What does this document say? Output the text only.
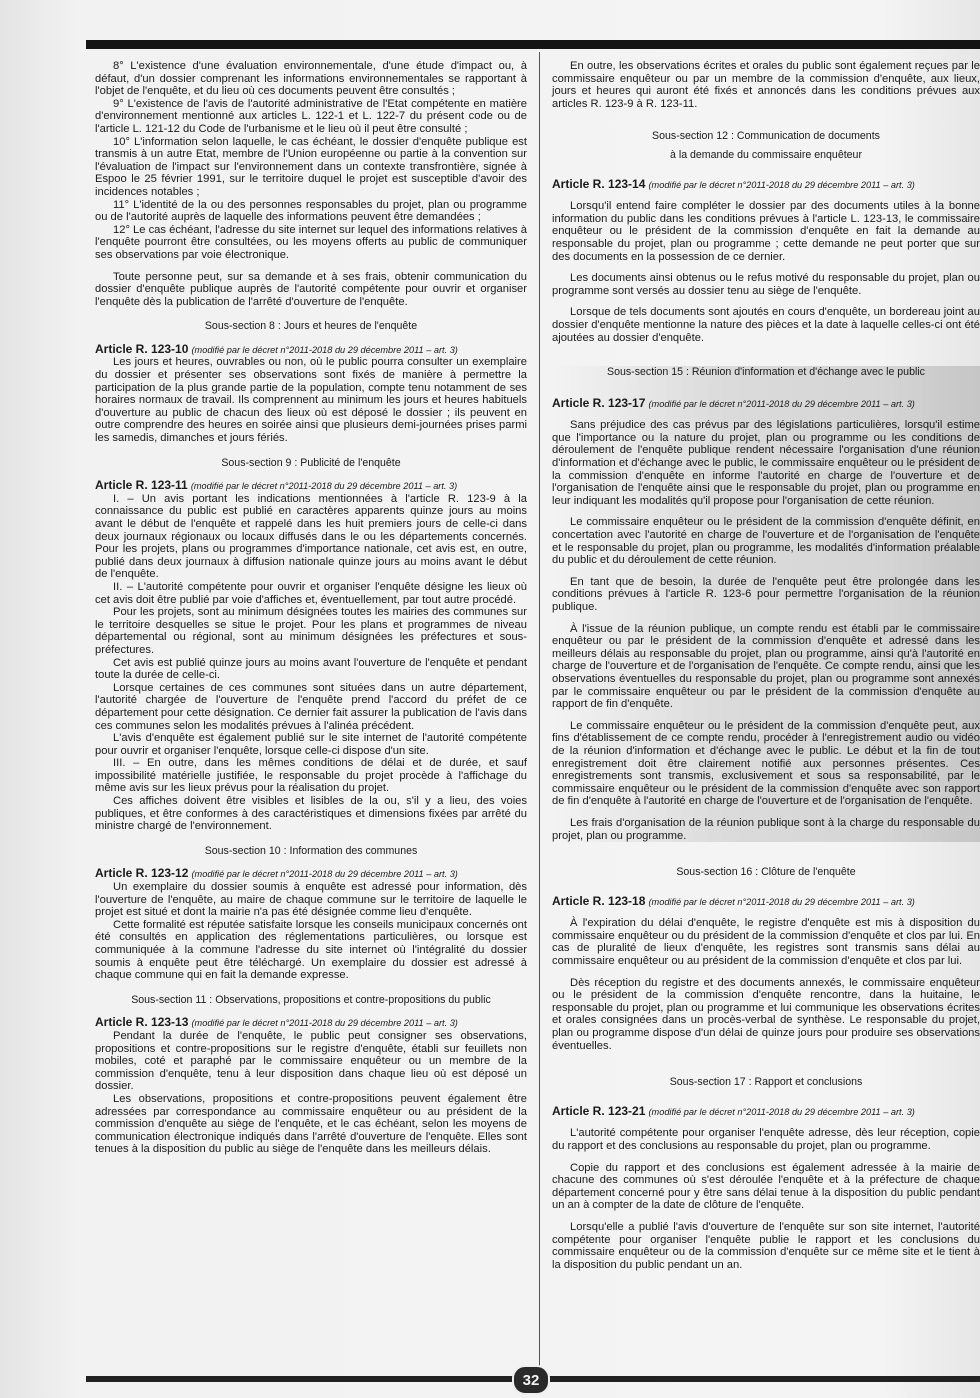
8° L'existence d'une évaluation environnementale, d'une étude d'impact ou, à défaut, d'un dossier comprenant les informations environnementales se rapportant à l'objet de l'enquête, et du lieu où ces documents peuvent être consultés ;

9° L'existence de l'avis de l'autorité administrative de l'Etat compétente en matière d'environnement mentionné aux articles L. 122-1 et L. 122-7 du présent code ou de l'article L. 121-12 du Code de l'urbanisme et le lieu où il peut être consulté ;

10° L'information selon laquelle, le cas échéant, le dossier d'enquête publique est transmis à un autre Etat, membre de l'Union européenne ou partie à la convention sur l'évaluation de l'impact sur l'environnement dans un contexte transfrontière, signée à Espoo le 25 février 1991, sur le territoire duquel le projet est susceptible d'avoir des incidences notables ;

11° L'identité de la ou des personnes responsables du projet, plan ou programme ou de l'autorité auprès de laquelle des informations peuvent être demandées ;

12° Le cas échéant, l'adresse du site internet sur lequel des informations relatives à l'enquête pourront être consultées, ou les moyens offerts au public de communiquer ses observations par voie électronique.

Toute personne peut, sur sa demande et à ses frais, obtenir communication du dossier d'enquête publique auprès de l'autorité compétente pour ouvrir et organiser l'enquête dès la publication de l'arrêté d'ouverture de l'enquête.

Sous-section 8 : Jours et heures de l'enquête

Article R. 123-10 (modifié par le décret n°2011-2018 du 29 décembre 2011 – art. 3)

Les jours et heures, ouvrables ou non, où le public pourra consulter un exemplaire du dossier et présenter ses observations sont fixés de manière à permettre la participation de la plus grande partie de la population, compte tenu notamment de ses horaires normaux de travail. Ils comprennent au minimum les jours et heures habituels d'ouverture au public de chacun des lieux où est déposé le dossier ; ils peuvent en outre comprendre des heures en soirée ainsi que plusieurs demi-journées prises parmi les samedis, dimanches et jours fériés.

Sous-section 9 : Publicité de l'enquête

Article R. 123-11 (modifié par le décret n°2011-2018 du 29 décembre 2011 – art. 3)

I. – Un avis portant les indications mentionnées à l'article R. 123-9 à la connaissance du public est publié en caractères apparents quinze jours au moins avant le début de l'enquête et rappelé dans les huit premiers jours de celle-ci dans deux journaux régionaux ou locaux diffusés dans le ou les départements concernés. Pour les projets, plans ou programmes d'importance nationale, cet avis est, en outre, publié dans deux journaux à diffusion nationale quinze jours au moins avant le début de l'enquête.

II. – L'autorité compétente pour ouvrir et organiser l'enquête désigne les lieux où cet avis doit être publié par voie d'affiches et, éventuellement, par tout autre procédé.

Pour les projets, sont au minimum désignées toutes les mairies des communes sur le territoire desquelles se situe le projet. Pour les plans et programmes de niveau départemental ou régional, sont au minimum désignées les préfectures et sous-préfectures.

Cet avis est publié quinze jours au moins avant l'ouverture de l'enquête et pendant toute la durée de celle-ci.

Lorsque certaines de ces communes sont situées dans un autre département, l'autorité chargée de l'ouverture de l'enquête prend l'accord du préfet de ce département pour cette désignation. Ce dernier fait assurer la publication de l'avis dans ces communes selon les modalités prévues à l'alinéa précédent.

L'avis d'enquête est également publié sur le site internet de l'autorité compétente pour ouvrir et organiser l'enquête, lorsque celle-ci dispose d'un site.

III. – En outre, dans les mêmes conditions de délai et de durée, et sauf impossibilité matérielle justifiée, le responsable du projet procède à l'affichage du même avis sur les lieux prévus pour la réalisation du projet.

Ces affiches doivent être visibles et lisibles de la ou, s'il y a lieu, des voies publiques, et être conformes à des caractéristiques et dimensions fixées par arrêté du ministre chargé de l'environnement.

Sous-section 10 : Information des communes

Article R. 123-12 (modifié par le décret n°2011-2018 du 29 décembre 2011 – art. 3)

Un exemplaire du dossier soumis à enquête est adressé pour information, dès l'ouverture de l'enquête, au maire de chaque commune sur le territoire de laquelle le projet est situé et dont la mairie n'a pas été désignée comme lieu d'enquête.

Cette formalité est réputée satisfaite lorsque les conseils municipaux concernés ont été consultés en application des réglementations particulières, ou lorsque est communiquée à la commune l'adresse du site internet où l'intégralité du dossier soumis à enquête peut être téléchargé. Un exemplaire du dossier est adressé à chaque commune qui en fait la demande expresse.

Sous-section 11 : Observations, propositions et contre-propositions du public

Article R. 123-13 (modifié par le décret n°2011-2018 du 29 décembre 2011 – art. 3)

Pendant la durée de l'enquête, le public peut consigner ses observations, propositions et contre-propositions sur le registre d'enquête, établi sur feuillets non mobiles, coté et paraphé par le commissaire enquêteur ou un membre de la commission d'enquête, tenu à leur disposition dans chaque lieu où est déposé un dossier.

Les observations, propositions et contre-propositions peuvent également être adressées par correspondance au commissaire enquêteur ou au président de la commission d'enquête au siège de l'enquête, et le cas échéant, selon les moyens de communication électronique indiqués dans l'arrêté d'ouverture de l'enquête. Elles sont tenues à la disposition du public au siège de l'enquête dans les meilleurs délais.

En outre, les observations écrites et orales du public sont également reçues par le commissaire enquêteur ou par un membre de la commission d'enquête, aux lieux, jours et heures qui auront été fixés et annoncés dans les conditions prévues aux articles R. 123-9 à R. 123-11.

Sous-section 12 : Communication de documents

à la demande du commissaire enquêteur

Article R. 123-14 (modifié par le décret n°2011-2018 du 29 décembre 2011 – art. 3)

Lorsqu'il entend faire compléter le dossier par des documents utiles à la bonne information du public dans les conditions prévues à l'article L. 123-13, le commissaire enquêteur ou le président de la commission d'enquête en fait la demande au responsable du projet, plan ou programme ; cette demande ne peut porter que sur des documents en la possession de ce dernier.

Les documents ainsi obtenus ou le refus motivé du responsable du projet, plan ou programme sont versés au dossier tenu au siège de l'enquête.

Lorsque de tels documents sont ajoutés en cours d'enquête, un bordereau joint au dossier d'enquête mentionne la nature des pièces et la date à laquelle celles-ci ont été ajoutées au dossier d'enquête.

Sous-section 15 : Réunion d'information et d'échange avec le public

Article R. 123-17 (modifié par le décret n°2011-2018 du 29 décembre 2011 – art. 3)

Sans préjudice des cas prévus par des législations particulières, lorsqu'il estime que l'importance ou la nature du projet, plan ou programme ou les conditions de déroulement de l'enquête publique rendent nécessaire l'organisation d'une réunion d'information et d'échange avec le public, le commissaire enquêteur ou le président de la commission d'enquête en informe l'autorité en charge de l'ouverture et de l'organisation de l'enquête ainsi que le responsable du projet, plan ou programme en leur indiquant les modalités qu'il propose pour l'organisation de cette réunion.

Le commissaire enquêteur ou le président de la commission d'enquête définit, en concertation avec l'autorité en charge de l'ouverture et de l'organisation de l'enquête et le responsable du projet, plan ou programme, les modalités d'information préalable du public et du déroulement de cette réunion.

En tant que de besoin, la durée de l'enquête peut être prolongée dans les conditions prévues à l'article R. 123-6 pour permettre l'organisation de la réunion publique.

À l'issue de la réunion publique, un compte rendu est établi par le commissaire enquêteur ou par le président de la commission d'enquête et adressé dans les meilleurs délais au responsable du projet, plan ou programme, ainsi qu'à l'autorité en charge de l'ouverture et de l'organisation de l'enquête. Ce compte rendu, ainsi que les observations éventuelles du responsable du projet, plan ou programme sont annexés par le commissaire enquêteur ou par le président de la commission d'enquête au rapport de fin d'enquête.

Le commissaire enquêteur ou le président de la commission d'enquête peut, aux fins d'établissement de ce compte rendu, procéder à l'enregistrement audio ou vidéo de la réunion d'information et d'échange avec le public. Le début et la fin de tout enregistrement doit être clairement notifié aux personnes présentes. Ces enregistrements sont transmis, exclusivement et sous sa responsabilité, par le commissaire enquêteur ou le président de la commission d'enquête avec son rapport de fin d'enquête à l'autorité en charge de l'ouverture et de l'organisation de l'enquête.

Les frais d'organisation de la réunion publique sont à la charge du responsable du projet, plan ou programme.

Sous-section 16 : Clôture de l'enquête

Article R. 123-18 (modifié par le décret n°2011-2018 du 29 décembre 2011 – art. 3)

À l'expiration du délai d'enquête, le registre d'enquête est mis à disposition du commissaire enquêteur ou du président de la commission d'enquête et clos par lui. En cas de pluralité de lieux d'enquête, les registres sont transmis sans délai au commissaire enquêteur ou au président de la commission d'enquête et clos par lui.

Dès réception du registre et des documents annexés, le commissaire enquêteur ou le président de la commission d'enquête rencontre, dans la huitaine, le responsable du projet, plan ou programme et lui communique les observations écrites et orales consignées dans un procès-verbal de synthèse. Le responsable du projet, plan ou programme dispose d'un délai de quinze jours pour produire ses observations éventuelles.

Sous-section 17 : Rapport et conclusions

Article R. 123-21 (modifié par le décret n°2011-2018 du 29 décembre 2011 – art. 3)

L'autorité compétente pour organiser l'enquête adresse, dès leur réception, copie du rapport et des conclusions au responsable du projet, plan ou programme.

Copie du rapport et des conclusions est également adressée à la mairie de chacune des communes où s'est déroulée l'enquête et à la préfecture de chaque département concerné pour y être sans délai tenue à la disposition du public pendant un an à compter de la date de clôture de l'enquête.

Lorsqu'elle a publié l'avis d'ouverture de l'enquête sur son site internet, l'autorité compétente pour organiser l'enquête publie le rapport et les conclusions du commissaire enquêteur ou de la commission d'enquête sur ce même site et le tient à la disposition du public pendant un an.

32
